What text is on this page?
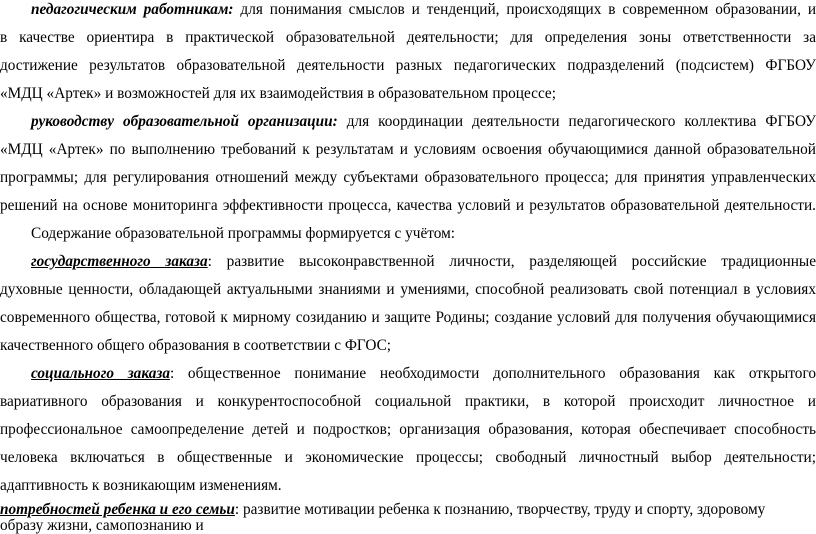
педагогическим работникам: для понимания смыслов и тенденций, происходящих в современном образовании, и
в качестве ориентира в практической образовательной деятельности; для определения зоны ответственности за
достижение результатов образовательной деятельности разных педагогических подразделений (подсистем) ФГБОУ
«МДЦ «Артек» и возможностей для их взаимодействия в образовательном процессе;
руководству образовательной организации: для координации деятельности педагогического коллектива ФГБОУ
«МДЦ «Артек» по выполнению требований к результатам и условиям освоения обучающимися данной образовательной
программы; для регулирования отношений между субъектами образовательного процесса; для принятия управленческих
решений на основе мониторинга эффективности процесса, качества условий и результатов образовательной деятельности.
Содержание образовательной программы формируется с учётом:
государственного заказа: развитие высоконравственной личности, разделяющей российские традиционные
духовные ценности, обладающей актуальными знаниями и умениями, способной реализовать свой потенциал в условиях
современного общества, готовой к мирному созиданию и защите Родины; создание условий для получения обучающимися
качественного общего образования в соответствии с ФГОС;
социального заказа: общественное понимание необходимости дополнительного образования как открытого
вариативного образования и конкурентоспособной социальной практики, в которой происходит личностное и
профессиональное самоопределение детей и подростков; организация образования, которая обеспечивает способность
человека включаться в общественные и экономические процессы; свободный личностный выбор деятельности;
адаптивность к возникающим изменениям.
потребностей ребенка и его семьи: развитие мотивации ребенка к познанию, творчеству, труду и спорту, здоровому
образу жизни, самопознанию и
